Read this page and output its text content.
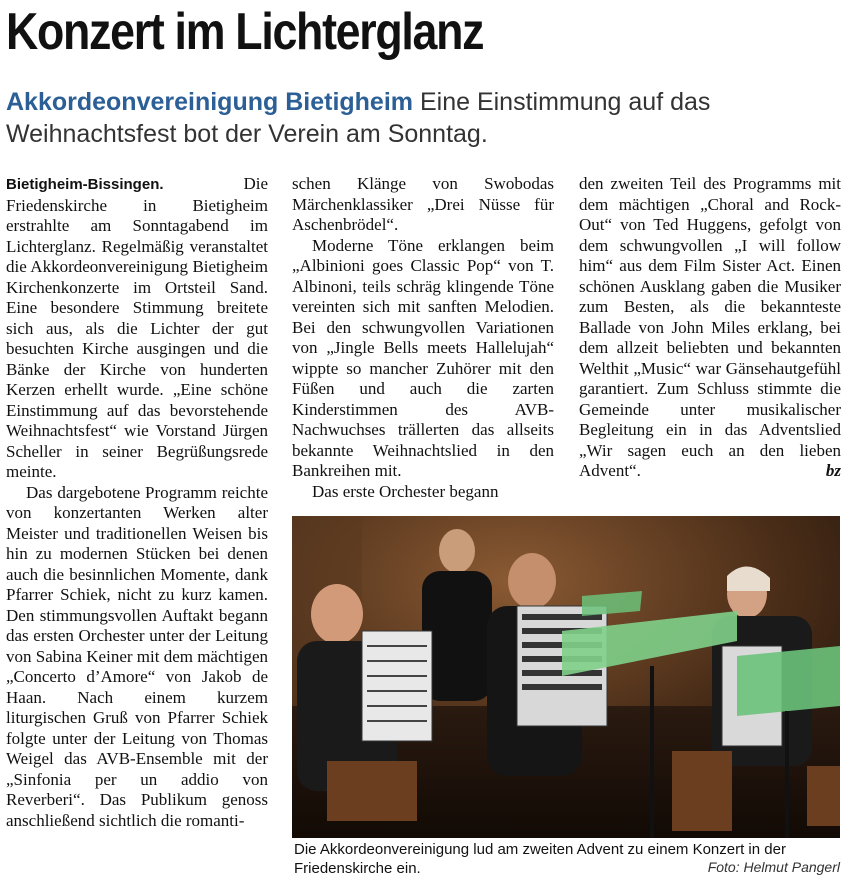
Konzert im Lichterglanz
Akkordeonvereinigung Bietigheim Eine Einstimmung auf das Weihnachtsfest bot der Verein am Sonntag.

Bietigheim-Bissingen.	Die Friedenskirche in Bietigheim erstrahlte am Sonntagabend im Lichterglanz. Regelmäßig veranstaltet die Akkordeonvereinigung Bietigheim Kirchenkonzerte im Ortsteil Sand. Eine besondere Stimmung breitete sich aus, als die Lichter der gut besuchten Kirche ausgingen und die Bänke der Kirche von hunderten Kerzen erhellt wurde. „Eine schöne Einstimmung auf das bevorstehende Weihnachtsfest“ wie Vorstand Jürgen Scheller in seiner Begrüßungsrede meinte.

Das dargebotene Programm reichte von konzertanten Werken alter Meister und traditionellen Weisen bis hin zu modernen Stücken bei denen auch die besinnlichen Momente, dank Pfarrer Schiek, nicht zu kurz kamen. Den stimmungsvollen Auftakt begann das ersten Orchester unter der Leitung von Sabina Keiner mit dem mächtigen „Concerto d’Amore“ von Jakob de Haan. Nach einem kurzem liturgischen Gruß von Pfarrer Schiek folgte unter der Leitung von Thomas Weigel das AVB-Ensemble mit der „Sinfonia per un addio von Reverberi“. Das Publikum genoss anschließend sichtlich die romanti-

schen Klänge von Swobodas Märchenklassiker „Drei Nüsse für Aschenbrödel“.

Moderne Töne erklangen beim „Albinioni goes Classic Pop“ von T. Albinoni, teils schräg klingende Töne vereinten sich mit sanften Melodien. Bei den schwungvollen Variationen von „Jingle Bells meets Hallelujah“ wippte so mancher Zuhörer mit den Füßen und auch die zarten Kinderstimmen des AVB-Nachwuchses trällerten das allseits bekannte Weihnachtslied in den Bankreihen mit.

Das erste Orchester begann

den zweiten Teil des Programms mit dem mächtigen „Choral and Rock-Out“ von Ted Huggens, gefolgt von dem schwungvollen „I will follow him“ aus dem Film Sister Act. Einen schönen Ausklang gaben die Musiker zum Besten, als die bekannteste Ballade von John Miles erklang, bei dem allzeit beliebten und bekannten Welthit „Music“ war Gänsehautgefühl garantiert. Zum Schluss stimmte die Gemeinde unter musikalischer Begleitung ein in das Adventslied „Wir sagen euch an den lieben Advent“.	bz

Die Akkordeonvereinigung lud am zweiten Advent zu einem Konzert in der Friedenskirche ein.	Foto: Helmut Pangerl
